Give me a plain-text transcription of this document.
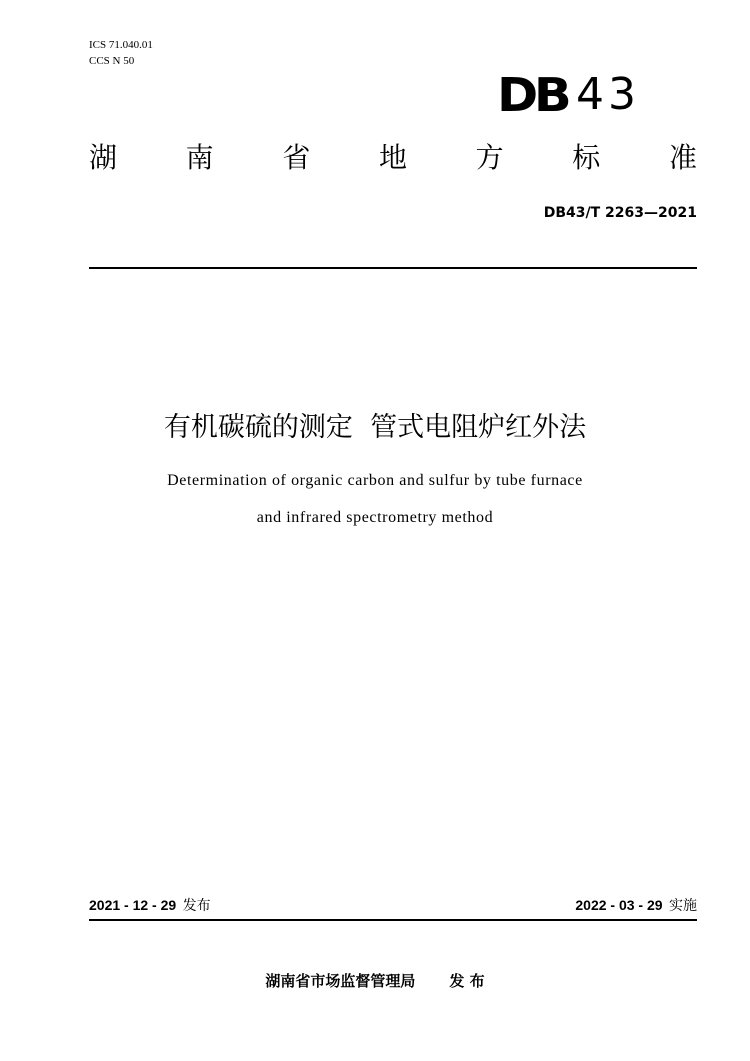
ICS 71.040.01
CCS N 50
DB 43
湖 南 省 地 方 标 准
DB43/T 2263—2021
有机碳硫的测定  管式电阻炉红外法
Determination of organic carbon and sulfur by tube furnace
and infrared spectrometry method
2021 - 12 - 29 发布	2022 - 03 - 29 实施
湖南省市场监督管理局 发 布
